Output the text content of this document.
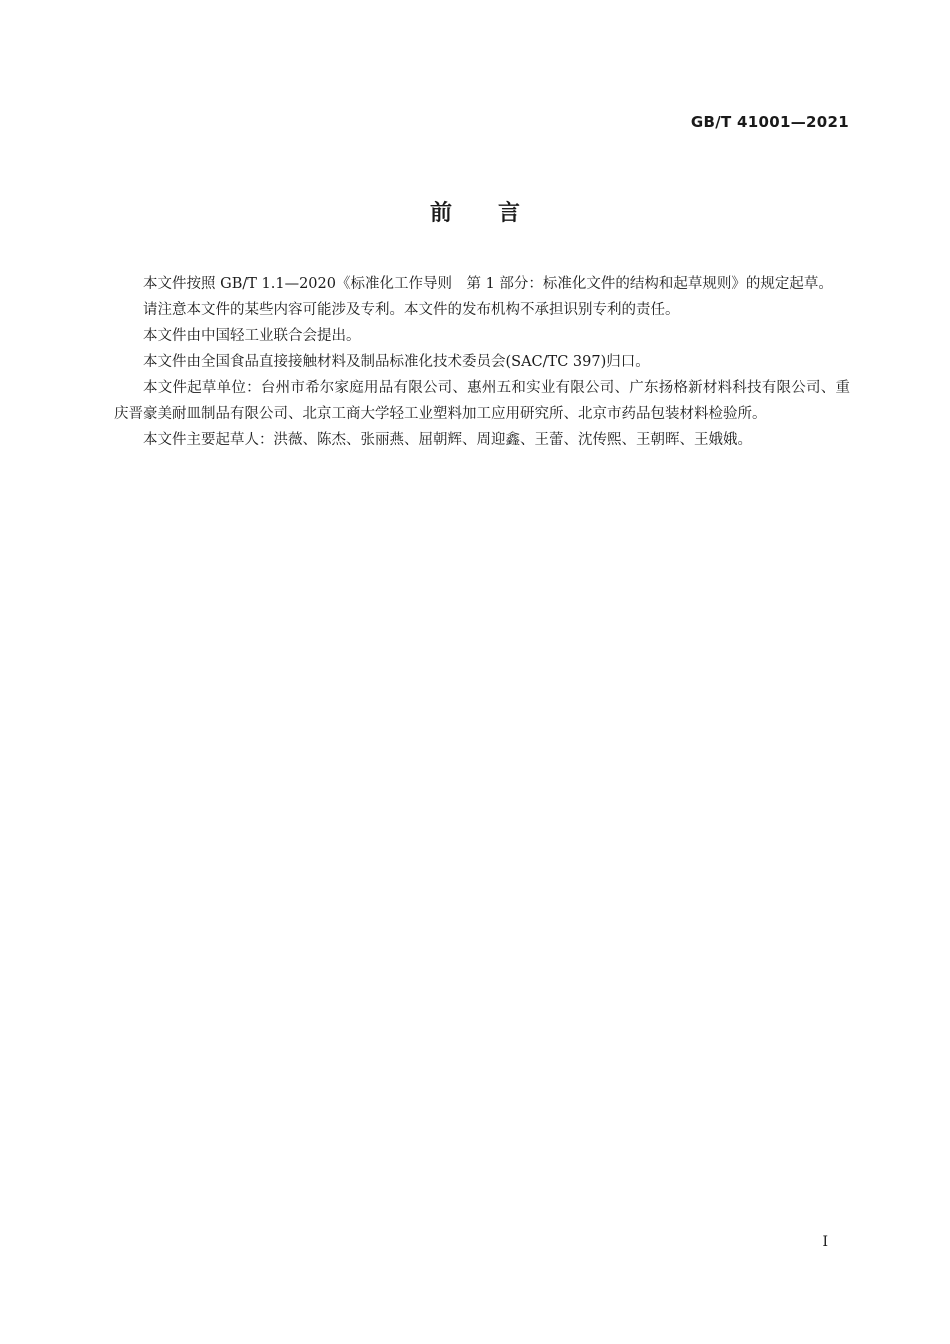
GB/T 41001—2021
前言

本文件按照 GB/T 1.1—2020《标准化工作导则　第 1 部分：标准化文件的结构和起草规则》的规定起草。

请注意本文件的某些内容可能涉及专利。本文件的发布机构不承担识别专利的责任。

本文件由中国轻工业联合会提出。

本文件由全国食品直接接触材料及制品标准化技术委员会(SAC/TC 397)归口。

本文件起草单位：台州市希尔家庭用品有限公司、惠州五和实业有限公司、广东扬格新材料科技有限公司、重庆晋豪美耐皿制品有限公司、北京工商大学轻工业塑料加工应用研究所、北京市药品包装材料检验所。

本文件主要起草人：洪薇、陈杰、张丽燕、屈朝辉、周迎鑫、王蕾、沈传熙、王朝晖、王娥娥。

I
